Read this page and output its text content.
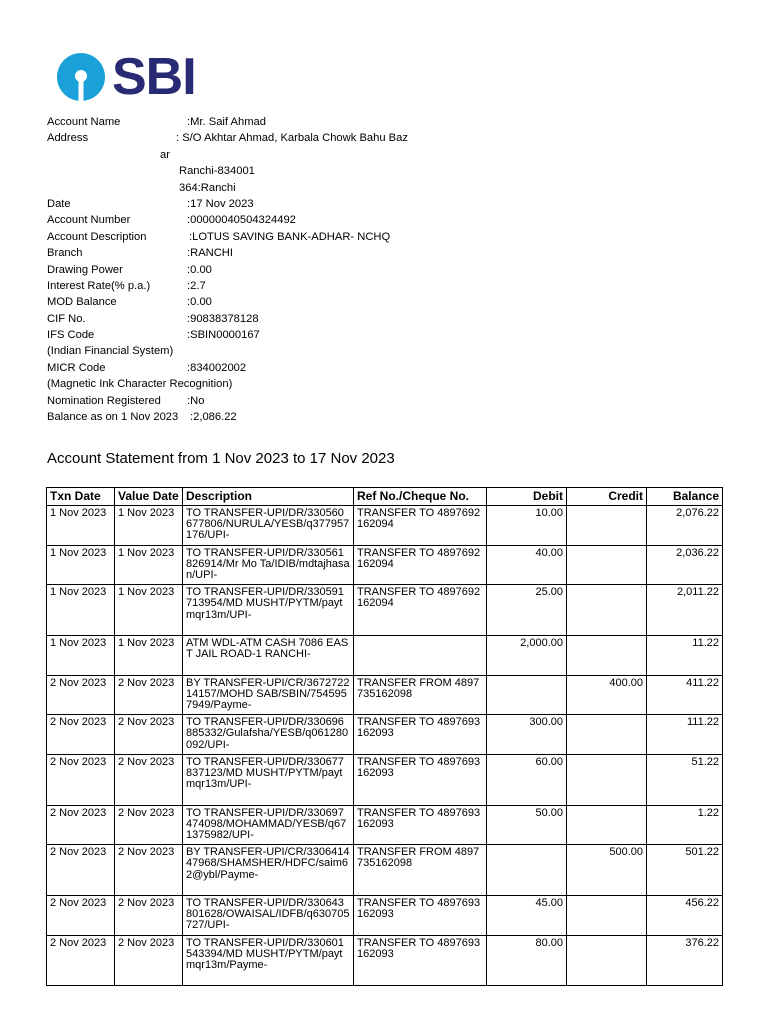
SBI
Account Name	:Mr. Saif Ahmad
Address	: S/O Akhtar Ahmad, Karbala Chowk Bahu Baz
ar
Ranchi-834001
364:Ranchi
Date	:17 Nov 2023
Account Number	:00000040504324492
Account Description	:LOTUS SAVING BANK-ADHAR- NCHQ
Branch	:RANCHI
Drawing Power	:0.00
Interest Rate(% p.a.)	:2.7
MOD Balance	:0.00
CIF No.	:90838378128
IFS Code	:SBIN0000167
(Indian Financial System)
MICR Code	:834002002
(Magnetic Ink Character Recognition)
Nomination Registered :No
Balance as on 1 Nov 2023 :2,086.22
Account Statement from 1 Nov 2023 to 17 Nov 2023
Txn Date	Value Date	Description	Ref No./Cheque No.	Debit	Credit	Balance
1 Nov 2023	1 Nov 2023	TO TRANSFER-UPI/DR/330560677806/NURULA/YESB/q377957176/UPI-	TRANSFER TO 4897692162094	10.00		2,076.22
1 Nov 2023	1 Nov 2023	TO TRANSFER-UPI/DR/330561826914/Mr Mo Ta/IDIB/mdtajhasan/UPI-	TRANSFER TO 4897692162094	40.00		2,036.22
1 Nov 2023	1 Nov 2023	TO TRANSFER-UPI/DR/330591713954/MD MUSHT/PYTM/paytmqr13m/UPI-	TRANSFER TO 4897692162094	25.00		2,011.22
1 Nov 2023	1 Nov 2023	ATM WDL-ATM CASH 7086 EAST JAIL ROAD-1 RANCHI-		2,000.00		11.22
2 Nov 2023	2 Nov 2023	BY TRANSFER-UPI/CR/367272214157/MOHD SAB/SBIN/7545957949/Payme-	TRANSFER FROM 4897735162098		400.00	411.22
2 Nov 2023	2 Nov 2023	TO TRANSFER-UPI/DR/330696885332/Gulafsha/YESB/q061280092/UPI-	TRANSFER TO 4897693162093	300.00		111.22
2 Nov 2023	2 Nov 2023	TO TRANSFER-UPI/DR/330677837123/MD MUSHT/PYTM/paytmqr13m/UPI-	TRANSFER TO 4897693162093	60.00		51.22
2 Nov 2023	2 Nov 2023	TO TRANSFER-UPI/DR/330697474098/MOHAMMAD/YESB/q671375982/UPI-	TRANSFER TO 4897693162093	50.00		1.22
2 Nov 2023	2 Nov 2023	BY TRANSFER-UPI/CR/330641447968/SHAMSHER/HDFC/saim62@ybl/Payme-	TRANSFER FROM 4897735162098		500.00	501.22
2 Nov 2023	2 Nov 2023	TO TRANSFER-UPI/DR/330643801628/OWAISAL/IDFB/q630705727/UPI-	TRANSFER TO 4897693162093	45.00		456.22
2 Nov 2023	2 Nov 2023	TO TRANSFER-UPI/DR/330601543394/MD MUSHT/PYTM/paytmqr13m/Payme-	TRANSFER TO 4897693162093	80.00		376.22
